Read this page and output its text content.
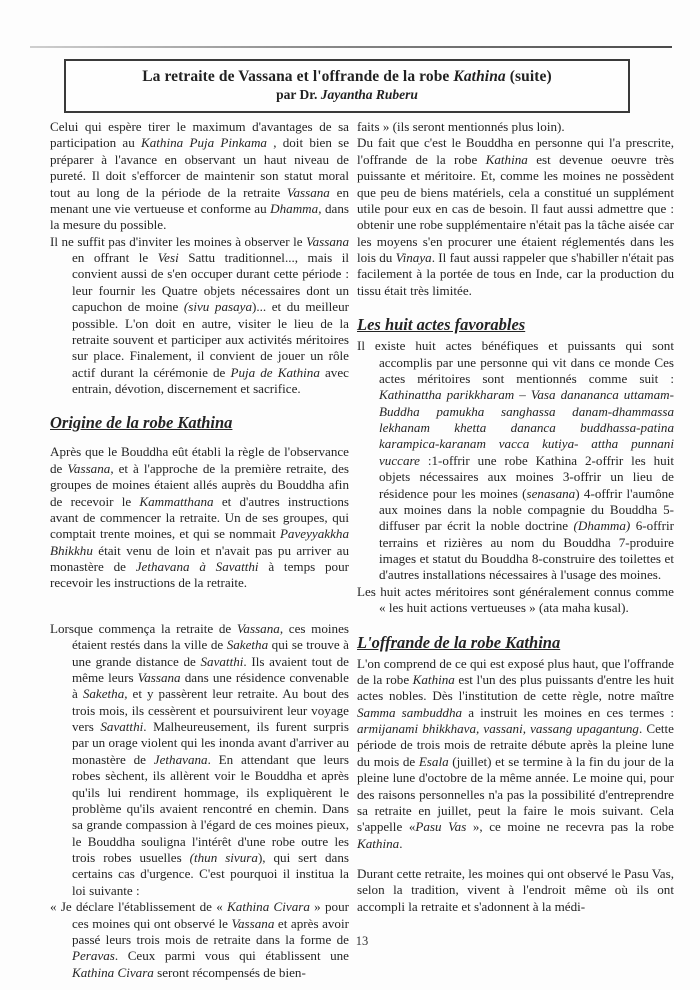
La retraite de Vassana et l'offrande de la robe Kathina (suite)
par Dr. Jayantha Ruberu
Celui qui espère tirer le maximum d'avantages de sa participation au Kathina Puja Pinkama , doit bien se préparer à l'avance en observant un haut niveau de pureté. Il doit s'efforcer de maintenir son statut moral tout au long de la période de la retraite Vassana en menant une vie vertueuse et conforme au Dhamma, dans la mesure du possible.
Il ne suffit pas d'inviter les moines à observer le Vassana en offrant le Vesi Sattu traditionnel..., mais il convient aussi de s'en occuper durant cette période : leur fournir les Quatre objets nécessaires dont un capuchon de moine (sivu pasaya)... et du meilleur possible. L'on doit en autre, visiter le lieu de la retraite souvent et participer aux activités méritoires sur place. Finalement, il convient de jouer un rôle actif durant la cérémonie de Puja de Kathina avec entrain, dévotion, discernement et sacrifice.
Origine de la robe Kathina
Après que le Bouddha eût établi la règle de l'observance de Vassana, et à l'approche de la première retraite, des groupes de moines étaient allés auprès du Bouddha afin de recevoir le Kammatthana et d'autres instructions avant de commencer la retraite. Un de ses groupes, qui comptait trente moines, et qui se nommait Paveyyakkha Bhikkhu était venu de loin et n'avait pas pu arriver au monastère de Jethavana à Savatthi à temps pour recevoir les instructions de la retraite.
Lorsque commença la retraite de Vassana, ces moines étaient restés dans la ville de Saketha qui se trouve à une grande distance de Savatthi. Ils avaient tout de même leurs Vassana dans une résidence convenable à Saketha, et y passèrent leur retraite. Au bout des trois mois, ils cessèrent et poursuivirent leur voyage vers Savatthi. Malheureusement, ils furent surpris par un orage violent qui les inonda avant d'arriver au monastère de Jethavana. En attendant que leurs robes sèchent, ils allèrent voir le Bouddha et après qu'ils lui rendirent hommage, ils expliquèrent le problème qu'ils avaient rencontré en chemin. Dans sa grande compassion à l'égard de ces moines pieux, le Bouddha souligna l'intérêt d'une robe outre les trois robes usuelles (thun sivura), qui sert dans certains cas d'urgence. C'est pourquoi il institua la loi suivante :
« Je déclare l'établissement de « Kathina Civara » pour ces moines qui ont observé le Vassana et après avoir passé leurs trois mois de retraite dans la forme de Peravas. Ceux parmi vous qui établissent une Kathina Civara seront récompensés de bien-
faits » (ils seront mentionnés plus loin).
Du fait que c'est le Bouddha en personne qui l'a prescrite, l'offrande de la robe Kathina est devenue oeuvre très puissante et méritoire. Et, comme les moines ne possèdent que peu de biens matériels, cela a constitué un supplément utile pour eux en cas de besoin. Il faut aussi admettre que : obtenir une robe supplémentaire n'était pas la tâche aisée car les moyens s'en procurer une étaient réglementés dans les lois du Vinaya. Il faut aussi rappeler que s'habiller n'était pas facilement à la portée de tous en Inde, car la production du tissu était très limitée.
Les huit actes favorables
Il existe huit actes bénéfiques et puissants qui sont accomplis par une personne qui vit dans ce monde Ces actes méritoires sont mentionnés comme suit : Kathinattha parikkharam – Vasa danananca uttamam-Buddha pamukha sanghassa danam-dhammassa lekhanam khetta dananca buddhassa-patina karampica-karanam vacca kutiya- attha punnani vuccare :1-offrir une robe Kathina 2-offrir les huit objets nécessaires aux moines 3-offrir un lieu de résidence pour les moines (senasana) 4-offrir l'aumône aux moines dans la noble compagnie du Bouddha 5-diffuser par écrit la noble doctrine (Dhamma) 6-offrir terrains et rizières au nom du Bouddha 7-produire images et statut du Bouddha 8-construire des toilettes et d'autres installations nécessaires à l'usage des moines.
Les huit actes méritoires sont généralement connus comme « les huit actions vertueuses » (ata maha kusal).
L'offrande de la robe Kathina
L'on comprend de ce qui est exposé plus haut, que l'offrande de la robe Kathina est l'un des plus puissants d'entre les huit actes nobles. Dès l'institution de cette règle, notre maître Samma sambuddha a instruit les moines en ces termes : armijanami bhikkhava, vassani, vassang upagantung. Cette période de trois mois de retraite débute après la pleine lune du mois de Esala (juillet) et se termine à la fin du jour de la pleine lune d'octobre de la même année. Le moine qui, pour des raisons personnelles n'a pas la possibilité d'entreprendre sa retraite en juillet, peut la faire le mois suivant. Cela s'appelle «Pasu Vas », ce moine ne recevra pas la robe Kathina.
Durant cette retraite, les moines qui ont observé le Pasu Vas, selon la tradition, vivent à l'endroit même où ils ont accompli la retraite et s'adonnent à la médi-
13
